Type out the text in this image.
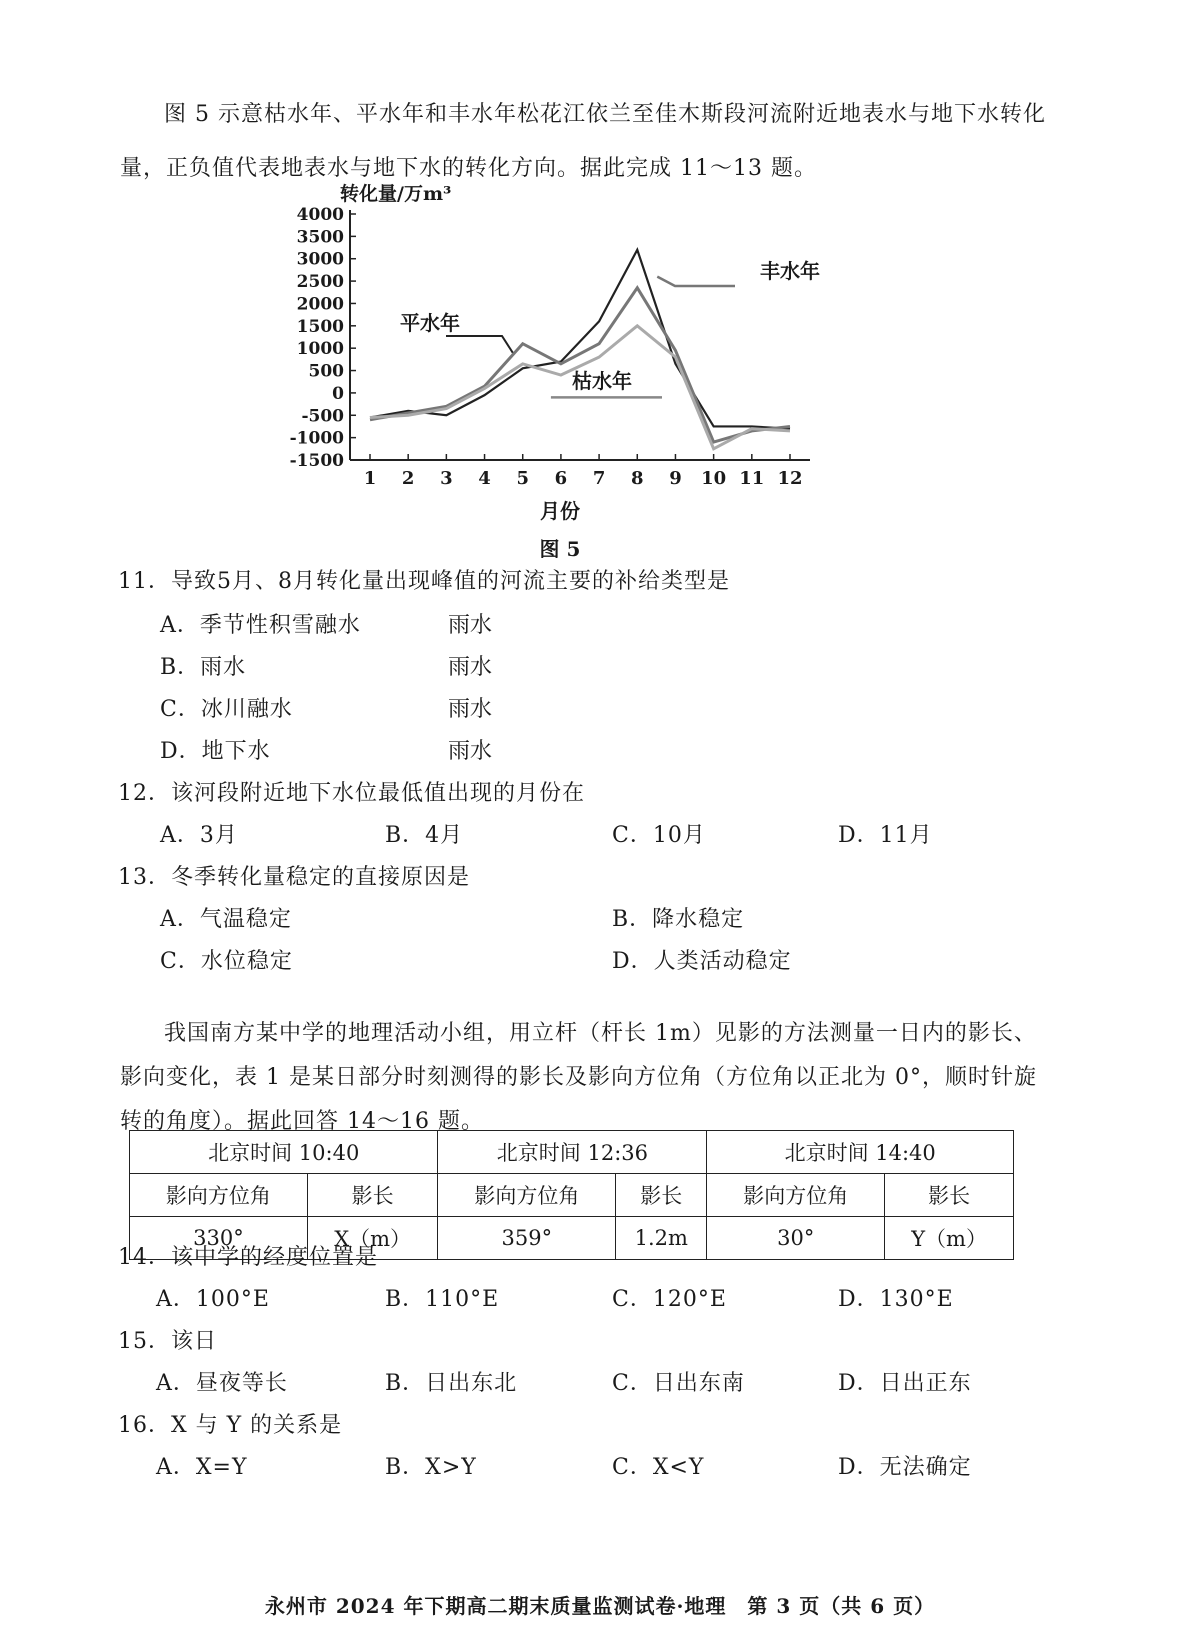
图 5 示意枯水年、平水年和丰水年松花江依兰至佳木斯段河流附近地表水与地下水转化量，正负值代表地表水与地下水的转化方向。据此完成 11～13 题。

4000
3500
3000
2500
2000
1500
1000
500
0
-500
-1000
-1500
1 2 3 4 5 6 7 8 9 10 11 12
转化量/万m³
月份
图 5
丰水年
平水年
枯水年
11．导致5月、8月转化量出现峰值的河流主要的补给类型是
A．季节性积雪融水	雨水
B．雨水	雨水
C．冰川融水	雨水
D．地下水	雨水
12．该河段附近地下水位最低值出现的月份在
A．3月	B．4月	C．10月	D．11月
13．冬季转化量稳定的直接原因是
A．气温稳定	B．降水稳定
C．水位稳定	D．人类活动稳定

我国南方某中学的地理活动小组，用立杆（杆长 1m）见影的方法测量一日内的影长、影向变化，表 1 是某日部分时刻测得的影长及影向方位角（方位角以正北为 0°，顺时针旋转的角度）。据此回答 14～16 题。

北京时间 10:40		北京时间 12:36		北京时间 14:40	
影向方位角	影长	影向方位角	影长	影向方位角	影长
330°	X（m）	359°	1.2m	30°	Y（m）
14．该中学的经度位置是
A．100°E	B．110°E	C．120°E	D．130°E
15．该日
A．昼夜等长	B．日出东北	C．日出东南	D．日出正东
16．X 与 Y 的关系是
A．X=Y	B．X>Y	C．X<Y	D．无法确定
永州市 2024 年下期高二期末质量监测试卷·地理　第 3 页（共 6 页）
